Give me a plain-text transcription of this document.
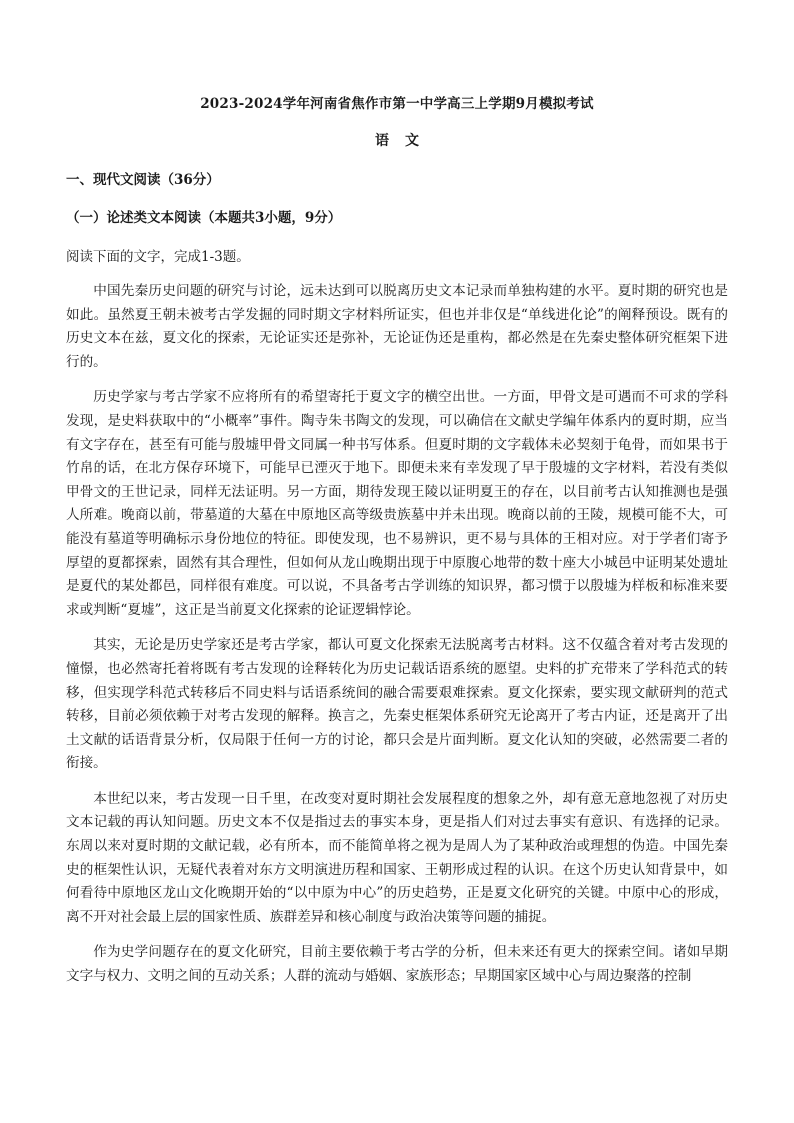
2023-2024学年河南省焦作市第一中学高三上学期9月模拟考试
语文
一、现代文阅读（36分）
（一）论述类文本阅读（本题共3小题，9分）
阅读下面的文字，完成1-3题。

中国先秦历史问题的研究与讨论，远未达到可以脱离历史文本记录而单独构建的水平。夏时期的研究也是如此。虽然夏王朝未被考古学发掘的同时期文字材料所证实，但也并非仅是“单线进化论”的阐释预设。既有的历史文本在兹，夏文化的探索，无论证实还是弥补，无论证伪还是重构，都必然是在先秦史整体研究框架下进行的。

历史学家与考古学家不应将所有的希望寄托于夏文字的横空出世。一方面，甲骨文是可遇而不可求的学科发现，是史料获取中的“小概率”事件。陶寺朱书陶文的发现，可以确信在文献史学编年体系内的夏时期，应当有文字存在，甚至有可能与殷墟甲骨文同属一种书写体系。但夏时期的文字载体未必契刻于龟骨，而如果书于竹帛的话，在北方保存环境下，可能早已湮灭于地下。即便未来有幸发现了早于殷墟的文字材料，若没有类似甲骨文的王世记录，同样无法证明。另一方面，期待发现王陵以证明夏王的存在，以目前考古认知推测也是强人所难。晚商以前，带墓道的大墓在中原地区高等级贵族墓中并未出现。晚商以前的王陵，规模可能不大，可能没有墓道等明确标示身份地位的特征。即使发现，也不易辨识，更不易与具体的王相对应。对于学者们寄予厚望的夏都探索，固然有其合理性，但如何从龙山晚期出现于中原腹心地带的数十座大小城邑中证明某处遗址是夏代的某处都邑，同样很有难度。可以说，不具备考古学训练的知识界，都习惯于以殷墟为样板和标准来要求或判断“夏墟”，这正是当前夏文化探索的论证逻辑悖论。

其实，无论是历史学家还是考古学家，都认可夏文化探索无法脱离考古材料。这不仅蕴含着对考古发现的憧憬，也必然寄托着将既有考古发现的诠释转化为历史记载话语系统的愿望。史料的扩充带来了学科范式的转移，但实现学科范式转移后不同史料与话语系统间的融合需要艰难探索。夏文化探索，要实现文献研判的范式转移，目前必须依赖于对考古发现的解释。换言之，先秦史框架体系研究无论离开了考古内证，还是离开了出土文献的话语背景分析，仅局限于任何一方的讨论，都只会是片面判断。夏文化认知的突破，必然需要二者的衔接。

本世纪以来，考古发现一日千里，在改变对夏时期社会发展程度的想象之外，却有意无意地忽视了对历史文本记载的再认知问题。历史文本不仅是指过去的事实本身，更是指人们对过去事实有意识、有选择的记录。东周以来对夏时期的文献记载，必有所本，而不能简单将之视为是周人为了某种政治或理想的伪造。中国先秦史的框架性认识，无疑代表着对东方文明演进历程和国家、王朝形成过程的认识。在这个历史认知背景中，如何看待中原地区龙山文化晚期开始的“以中原为中心”的历史趋势，正是夏文化研究的关键。中原中心的形成，离不开对社会最上层的国家性质、族群差异和核心制度与政治决策等问题的捕捉。

作为史学问题存在的夏文化研究，目前主要依赖于考古学的分析，但未来还有更大的探索空间。诸如早期文字与权力、文明之间的互动关系；人群的流动与婚姻、家族形态；早期国家区域中心与周边聚落的控制
